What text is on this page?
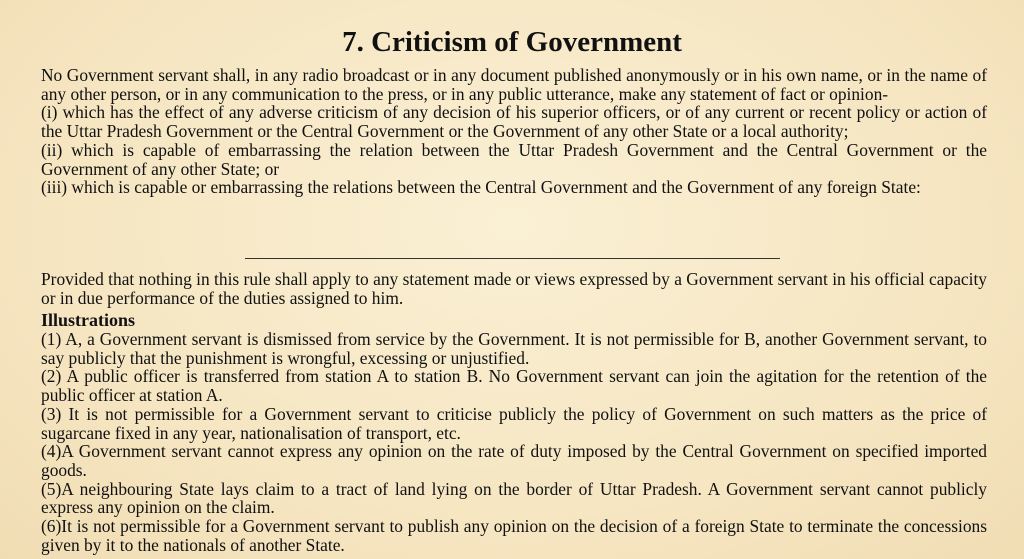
7. Criticism of Government

No Government servant shall, in any radio broadcast or in any document published anonymously or in his own name, or in the name of any other person, or in any communication to the press, or in any public utterance, make any statement of fact or opinion-

(i) which has the effect of any adverse criticism of any decision of his superior officers, or of any current or recent policy or action of the Uttar Pradesh Government or the Central Government or the Government of any other State or a local authority;

(ii) which is capable of embarrassing the relation between the Uttar Pradesh Government and the Central Government or the Government of any other State; or

(iii) which is capable or embarrassing the relations between the Central Government and the Government of any foreign State:

Provided that nothing in this rule shall apply to any statement made or views expressed by a Government servant in his official capacity or in due performance of the duties assigned to him.
Illustrations

(1) A, a Government servant is dismissed from service by the Government. It is not permissible for B, another Government servant, to say publicly that the punishment is wrongful, excessing or unjustified.

(2) A public officer is transferred from station A to station B. No Government servant can join the agitation for the retention of the public officer at station A.

(3) It is not permissible for a Government servant to criticise publicly the policy of Government on such matters as the price of sugarcane fixed in any year, nationalisation of transport, etc.

(4)A Government servant cannot express any opinion on the rate of duty imposed by the Central Government on specified imported goods.

(5)A neighbouring State lays claim to a tract of land lying on the border of Uttar Pradesh. A Government servant cannot publicly express any opinion on the claim.

(6)It is not permissible for a Government servant to publish any opinion on the decision of a foreign State to terminate the concessions given by it to the nationals of another State.
